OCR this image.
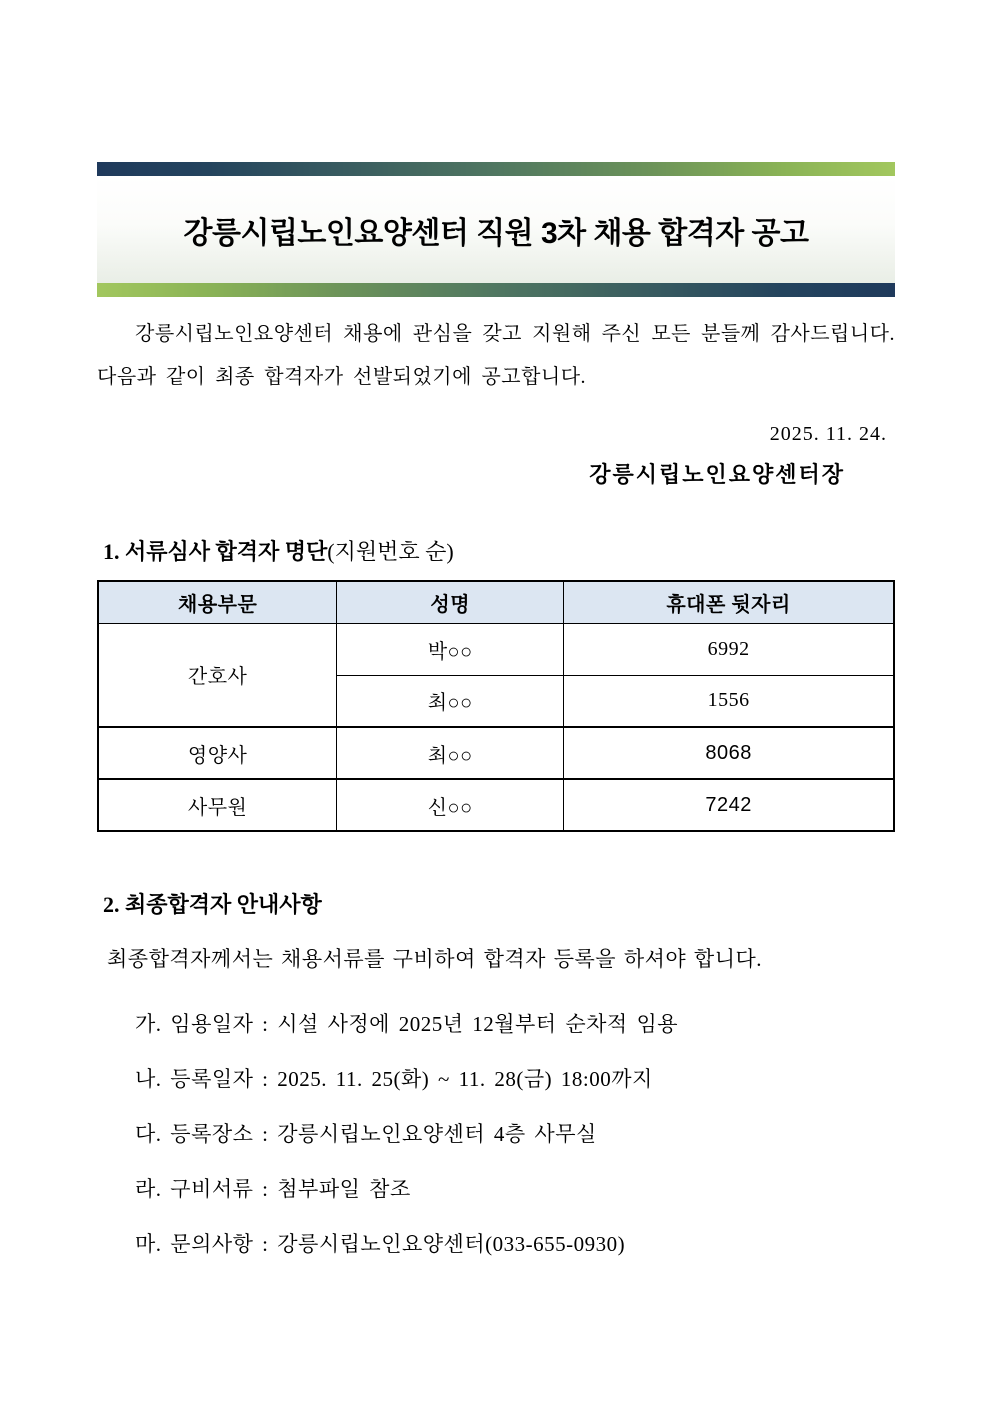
강릉시립노인요양센터 직원 3차 채용 합격자 공고

강릉시립노인요양센터 채용에 관심을 갖고 지원해 주신 모든 분들께 감사드립니다. 다음과 같이 최종 합격자가 선발되었기에 공고합니다.

2025. 11. 24.
강릉시립노인요양센터장
1. 서류심사 합격자 명단(지원번호 순)
채용부문	성명	휴대폰 뒷자리
간호사	박○○	6992
	최○○	1556
영양사	최○○	8068
사무원	신○○	7242
2. 최종합격자 안내사항

최종합격자께서는 채용서류를 구비하여 합격자 등록을 하셔야 합니다.

가. 임용일자 : 시설 사정에 2025년 12월부터 순차적 임용
나. 등록일자 : 2025. 11. 25(화) ~ 11. 28(금) 18:00까지
다. 등록장소 : 강릉시립노인요양센터 4층 사무실
라. 구비서류 : 첨부파일 참조
마. 문의사항 : 강릉시립노인요양센터(033-655-0930)
